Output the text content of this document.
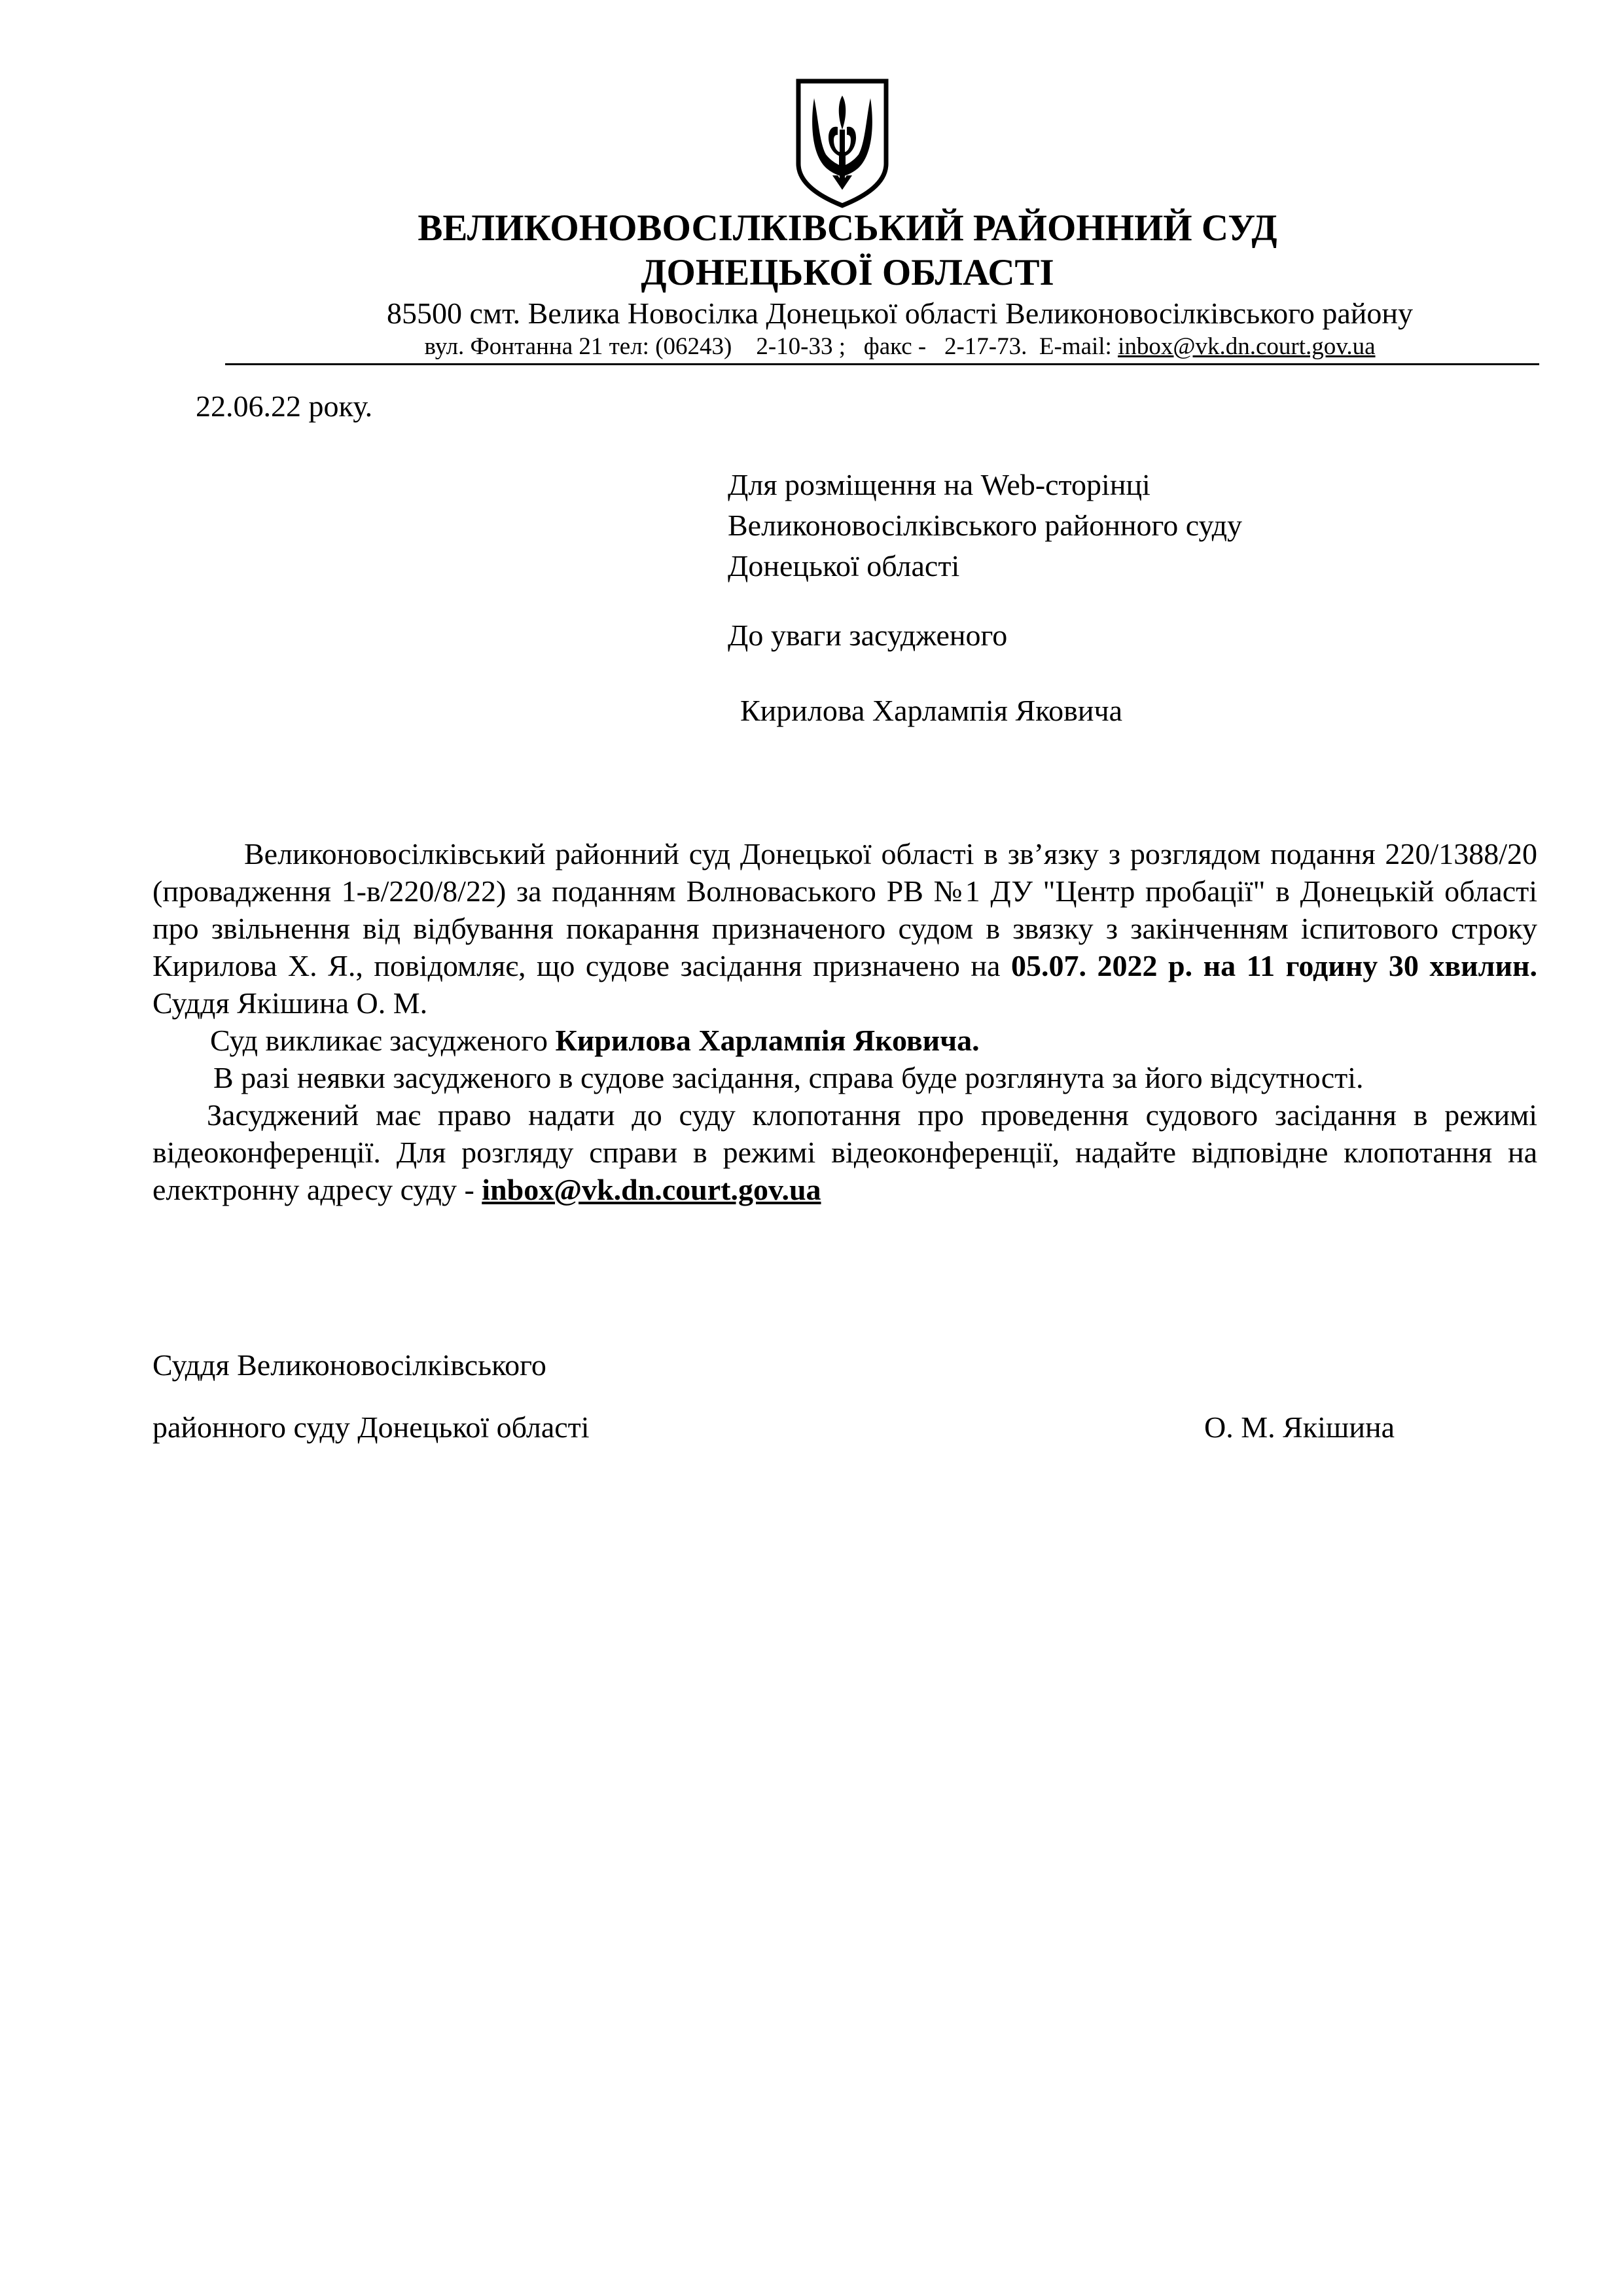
ВЕЛИКОНОВОСІЛКІВСЬКИЙ РАЙОННИЙ СУД
ДОНЕЦЬКОЇ ОБЛАСТІ
85500 смт. Велика Новосілка Донецької області Великоновосілківського району
вул. Фонтанна 21 тел: (06243)    2-10-33 ;   факс -   2-17-73.  E-mail: inbox@vk.dn.court.gov.ua
22.06.22 року.
Для розміщення на Web-сторінці
Великоновосілківського районного суду
Донецької області
До уваги засудженого
Кирилова Харлампія Яковича
Великоновосілківський районний суд Донецької області в зв’язку з розглядом подання 220/1388/20 (провадження 1-в/220/8/22) за поданням Волноваського РВ №1 ДУ "Центр пробації" в Донецькій області про звільнення від відбування покарання призначеного судом в звязку з закінченням іспитового строку Кирилова Х. Я., повідомляє, що судове засідання призначено на 05.07. 2022 р. на 11 годину 30 хвилин. Суддя Якішина О. М.
Суд викликає засудженого Кирилова Харлампія Яковича.
В разі неявки засудженого в судове засідання, справа буде розглянута за його відсутності.
Засуджений має право надати до суду клопотання про проведення судового засідання в режимі відеоконференції. Для розгляду справи в режимі відеоконференції, надайте відповідне клопотання на електронну адресу суду - inbox@vk.dn.court.gov.ua
Суддя Великоновосілківського
районного суду Донецької області	О. М. Якішина
